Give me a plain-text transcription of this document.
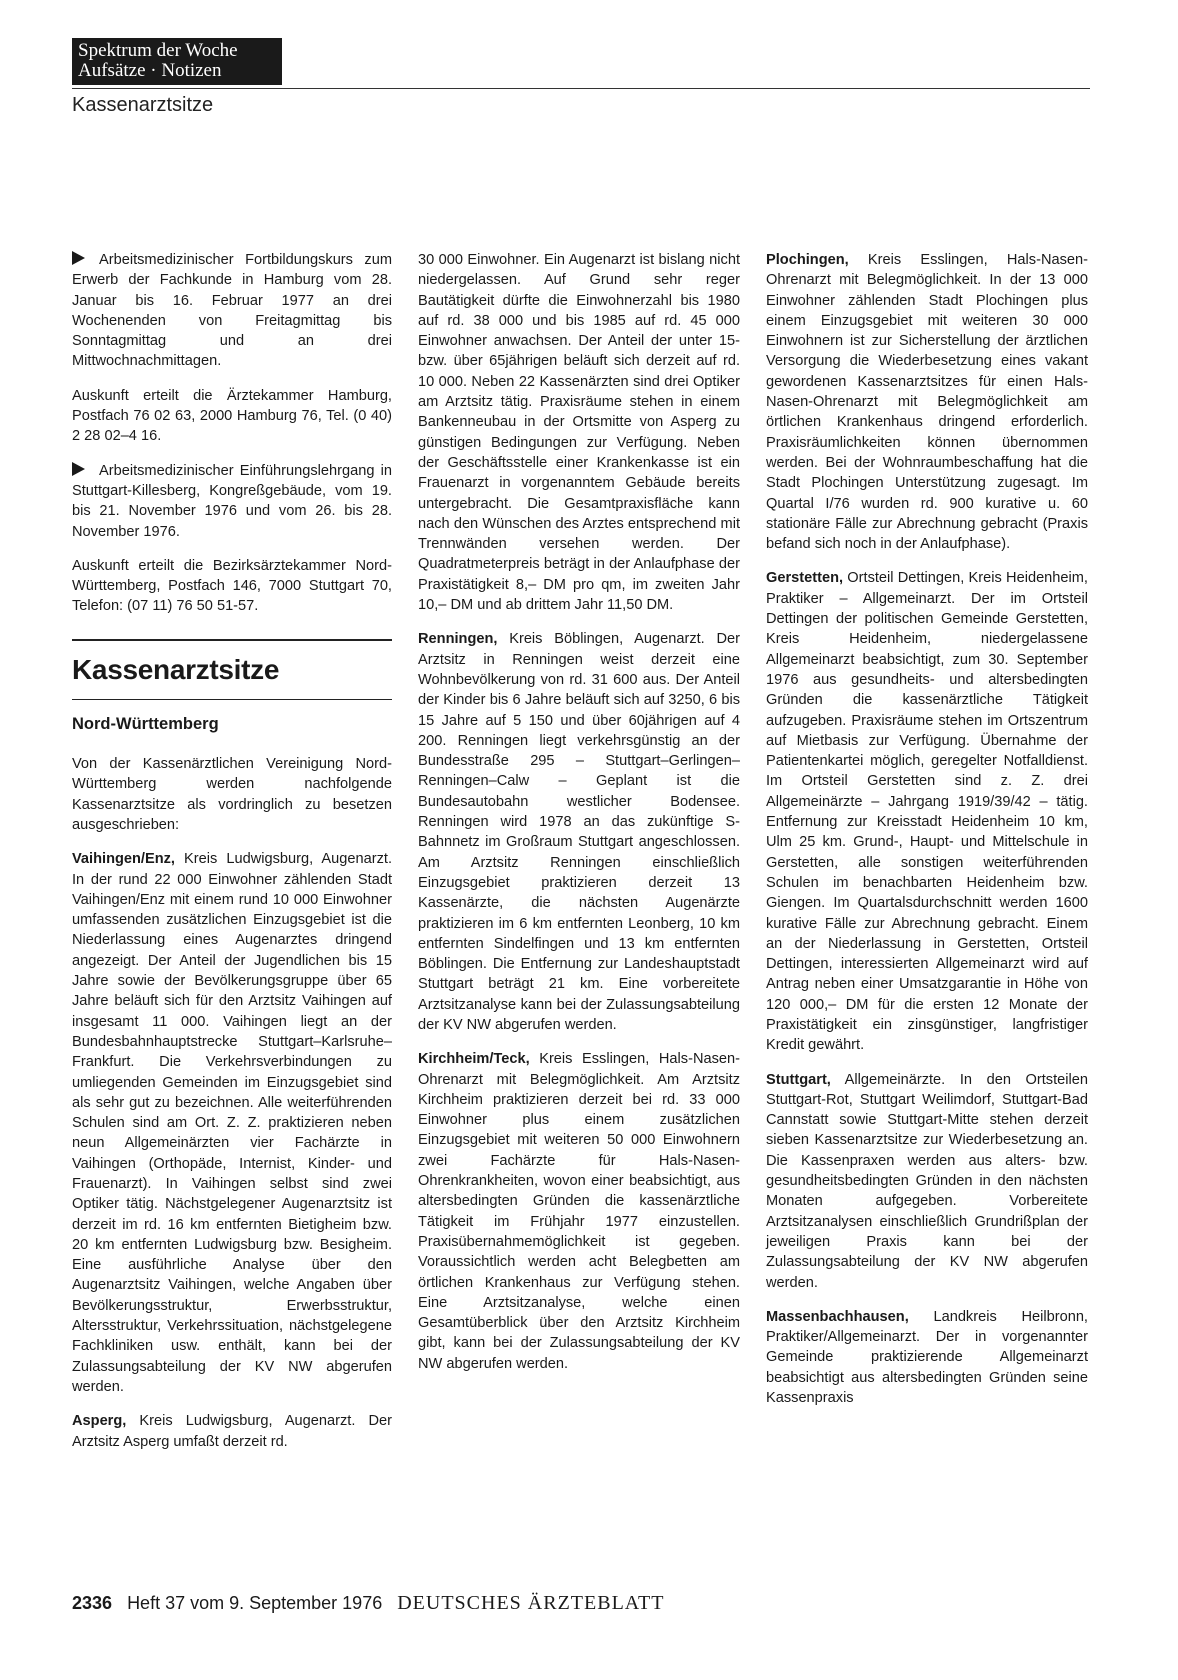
Spektrum der Woche
Aufsätze · Notizen
Kassenarztsitze

Arbeitsmedizinischer Fortbildungskurs zum Erwerb der Fachkunde in Hamburg vom 28. Januar bis 16. Februar 1977 an drei Wochenenden von Freitagmittag bis Sonntagmittag und an drei Mittwochnachmittagen.

Auskunft erteilt die Ärztekammer Hamburg, Postfach 76 02 63, 2000 Hamburg 76, Tel. (0 40) 2 28 02–4 16.

Arbeitsmedizinischer Einführungslehrgang in Stuttgart-Killesberg, Kongreßgebäude, vom 19. bis 21. November 1976 und vom 26. bis 28. November 1976.

Auskunft erteilt die Bezirksärztekammer Nord-Württemberg, Postfach 146, 7000 Stuttgart 70, Telefon: (07 11) 76 50 51-57.

Kassenarztsitze
Nord-Württemberg

Von der Kassenärztlichen Vereinigung Nord-Württemberg werden nachfolgende Kassenarztsitze als vordringlich zu besetzen ausgeschrieben:

Vaihingen/Enz, Kreis Ludwigsburg, Augenarzt. In der rund 22 000 Einwohner zählenden Stadt Vaihingen/Enz mit einem rund 10 000 Einwohner umfassenden zusätzlichen Einzugsgebiet ist die Niederlassung eines Augenarztes dringend angezeigt. Der Anteil der Jugendlichen bis 15 Jahre sowie der Bevölkerungsgruppe über 65 Jahre beläuft sich für den Arztsitz Vaihingen auf insgesamt 11 000. Vaihingen liegt an der Bundesbahnhauptstrecke Stuttgart–Karlsruhe–Frankfurt. Die Verkehrsverbindungen zu umliegenden Gemeinden im Einzugsgebiet sind als sehr gut zu bezeichnen. Alle weiterführenden Schulen sind am Ort. Z. Z. praktizieren neben neun Allgemeinärzten vier Fachärzte in Vaihingen (Orthopäde, Internist, Kinder- und Frauenarzt). In Vaihingen selbst sind zwei Optiker tätig. Nächstgelegener Augenarztsitz ist derzeit im rd. 16 km entfernten Bietigheim bzw. 20 km entfernten Ludwigsburg bzw. Besigheim. Eine ausführliche Analyse über den Augenarztsitz Vaihingen, welche Angaben über Bevölkerungsstruktur, Erwerbsstruktur, Altersstruktur, Verkehrssituation, nächstgelegene Fachkliniken usw. enthält, kann bei der Zulassungsabteilung der KV NW abgerufen werden.

Asperg, Kreis Ludwigsburg, Augenarzt. Der Arztsitz Asperg umfaßt derzeit rd.

30 000 Einwohner. Ein Augenarzt ist bislang nicht niedergelassen. Auf Grund sehr reger Bautätigkeit dürfte die Einwohnerzahl bis 1980 auf rd. 38 000 und bis 1985 auf rd. 45 000 Einwohner anwachsen. Der Anteil der unter 15- bzw. über 65jährigen beläuft sich derzeit auf rd. 10 000. Neben 22 Kassenärzten sind drei Optiker am Arztsitz tätig. Praxisräume stehen in einem Bankenneubau in der Ortsmitte von Asperg zu günstigen Bedingungen zur Verfügung. Neben der Geschäftsstelle einer Krankenkasse ist ein Frauenarzt in vorgenanntem Gebäude bereits untergebracht. Die Gesamtpraxisfläche kann nach den Wünschen des Arztes entsprechend mit Trennwänden versehen werden. Der Quadratmeterpreis beträgt in der Anlaufphase der Praxistätigkeit 8,– DM pro qm, im zweiten Jahr 10,– DM und ab drittem Jahr 11,50 DM.

Renningen, Kreis Böblingen, Augenarzt. Der Arztsitz in Renningen weist derzeit eine Wohnbevölkerung von rd. 31 600 aus. Der Anteil der Kinder bis 6 Jahre beläuft sich auf 3250, 6 bis 15 Jahre auf 5 150 und über 60jährigen auf 4 200. Renningen liegt verkehrsgünstig an der Bundesstraße 295 – Stuttgart–Gerlingen–Renningen–Calw – Geplant ist die Bundesautobahn westlicher Bodensee. Renningen wird 1978 an das zukünftige S-Bahnnetz im Großraum Stuttgart angeschlossen. Am Arztsitz Renningen einschließlich Einzugsgebiet praktizieren derzeit 13 Kassenärzte, die nächsten Augenärzte praktizieren im 6 km entfernten Leonberg, 10 km entfernten Sindelfingen und 13 km entfernten Böblingen. Die Entfernung zur Landeshauptstadt Stuttgart beträgt 21 km. Eine vorbereitete Arztsitzanalyse kann bei der Zulassungsabteilung der KV NW abgerufen werden.

Kirchheim/Teck, Kreis Esslingen, Hals-Nasen-Ohrenarzt mit Belegmöglichkeit. Am Arztsitz Kirchheim praktizieren derzeit bei rd. 33 000 Einwohner plus einem zusätzlichen Einzugsgebiet mit weiteren 50 000 Einwohnern zwei Fachärzte für Hals-Nasen-Ohrenkrankheiten, wovon einer beabsichtigt, aus altersbedingten Gründen die kassenärztliche Tätigkeit im Frühjahr 1977 einzustellen. Praxisübernahmemöglichkeit ist gegeben. Voraussichtlich werden acht Belegbetten am örtlichen Krankenhaus zur Verfügung stehen. Eine Arztsitzanalyse, welche einen Gesamtüberblick über den Arztsitz Kirchheim gibt, kann bei der Zulassungsabteilung der KV NW abgerufen werden.

Plochingen, Kreis Esslingen, Hals-Nasen-Ohrenarzt mit Belegmöglichkeit. In der 13 000 Einwohner zählenden Stadt Plochingen plus einem Einzugsgebiet mit weiteren 30 000 Einwohnern ist zur Sicherstellung der ärztlichen Versorgung die Wiederbesetzung eines vakant gewordenen Kassenarztsitzes für einen Hals-Nasen-Ohrenarzt mit Belegmöglichkeit am örtlichen Krankenhaus dringend erforderlich. Praxisräumlichkeiten können übernommen werden. Bei der Wohnraumbeschaffung hat die Stadt Plochingen Unterstützung zugesagt. Im Quartal I/76 wurden rd. 900 kurative u. 60 stationäre Fälle zur Abrechnung gebracht (Praxis befand sich noch in der Anlaufphase).

Gerstetten, Ortsteil Dettingen, Kreis Heidenheim, Praktiker – Allgemeinarzt. Der im Ortsteil Dettingen der politischen Gemeinde Gerstetten, Kreis Heidenheim, niedergelassene Allgemeinarzt beabsichtigt, zum 30. September 1976 aus gesundheits- und altersbedingten Gründen die kassenärztliche Tätigkeit aufzugeben. Praxisräume stehen im Ortszentrum auf Mietbasis zur Verfügung. Übernahme der Patientenkartei möglich, geregelter Notfalldienst. Im Ortsteil Gerstetten sind z. Z. drei Allgemeinärzte – Jahrgang 1919/39/42 – tätig. Entfernung zur Kreisstadt Heidenheim 10 km, Ulm 25 km. Grund-, Haupt- und Mittelschule in Gerstetten, alle sonstigen weiterführenden Schulen im benachbarten Heidenheim bzw. Giengen. Im Quartalsdurchschnitt werden 1600 kurative Fälle zur Abrechnung gebracht. Einem an der Niederlassung in Gerstetten, Ortsteil Dettingen, interessierten Allgemeinarzt wird auf Antrag neben einer Umsatzgarantie in Höhe von 120 000,– DM für die ersten 12 Monate der Praxistätigkeit ein zinsgünstiger, langfristiger Kredit gewährt.

Stuttgart, Allgemeinärzte. In den Ortsteilen Stuttgart-Rot, Stuttgart Weilimdorf, Stuttgart-Bad Cannstatt sowie Stuttgart-Mitte stehen derzeit sieben Kassenarztsitze zur Wiederbesetzung an. Die Kassenpraxen werden aus alters- bzw. gesundheitsbedingten Gründen in den nächsten Monaten aufgegeben. Vorbereitete Arztsitzanalysen einschließlich Grundrißplan der jeweiligen Praxis kann bei der Zulassungsabteilung der KV NW abgerufen werden.

Massenbachhausen, Landkreis Heilbronn, Praktiker/Allgemeinarzt. Der in vorgenannter Gemeinde praktizierende Allgemeinarzt beabsichtigt aus altersbedingten Gründen seine Kassenpraxis

2336 Heft 37 vom 9. September 1976 DEUTSCHES ÄRZTEBLATT
